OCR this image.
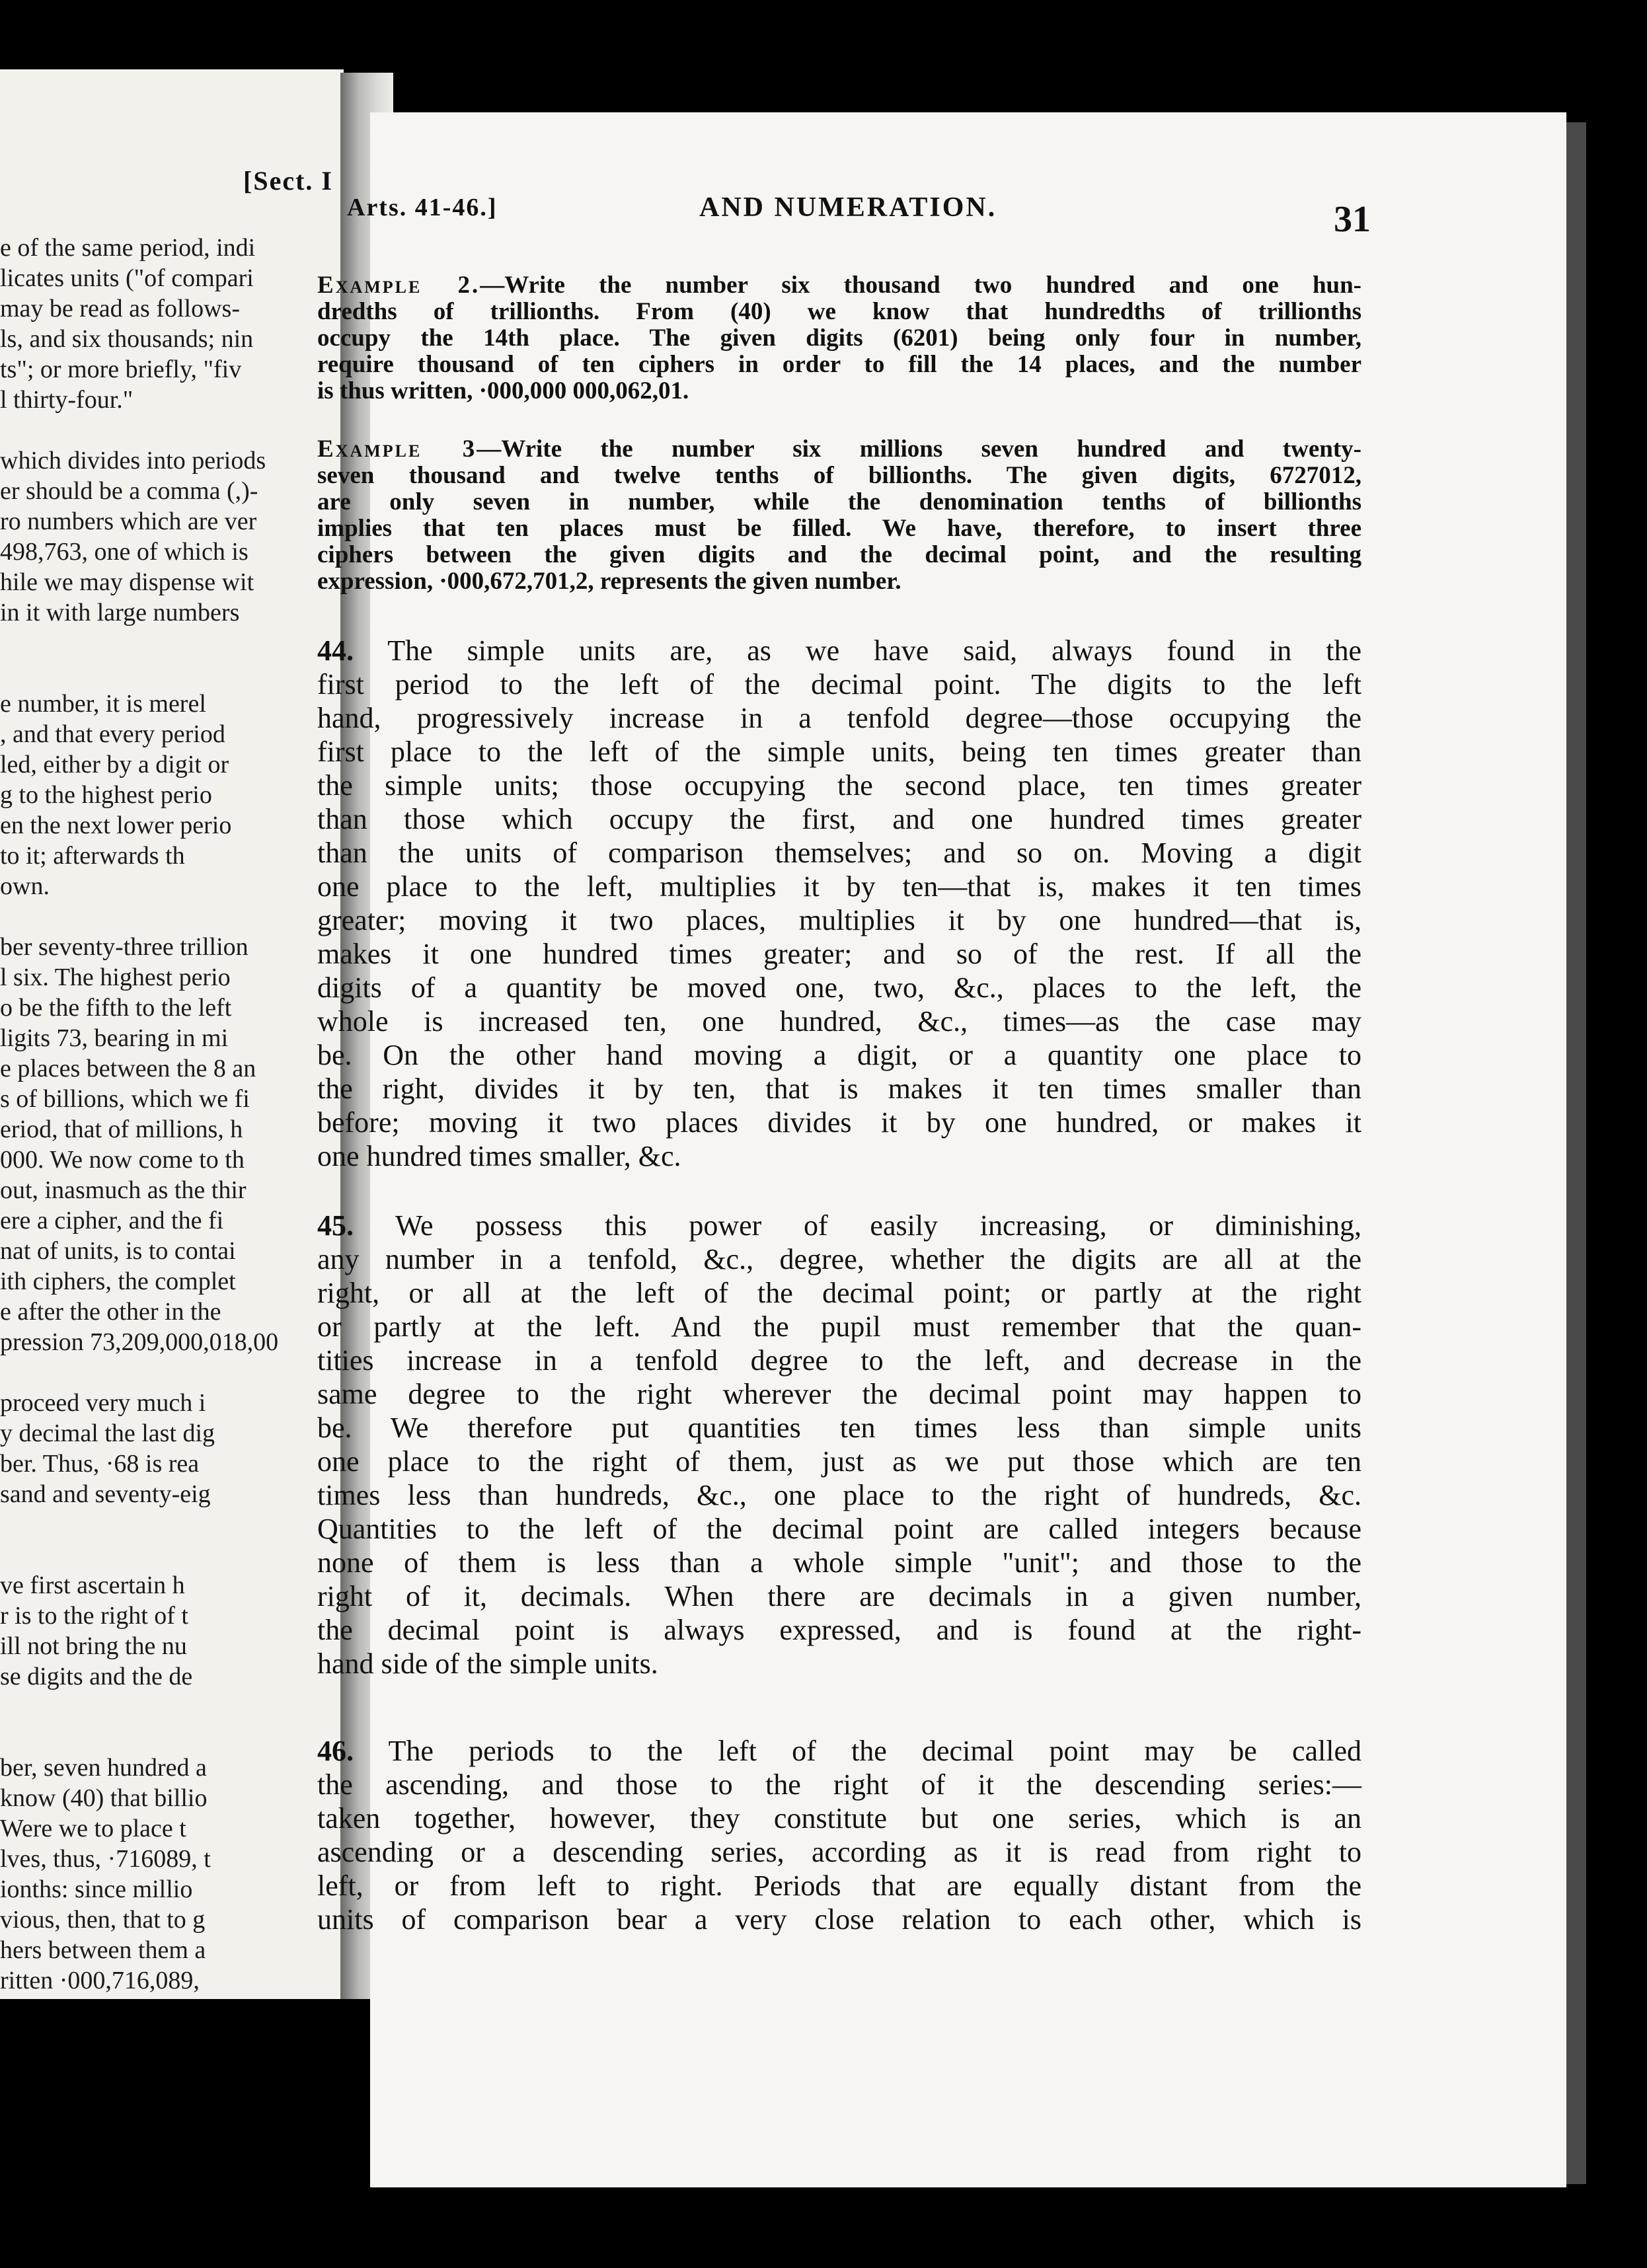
[Sect. I
e of the same period, indi
licates units ("of compari
may be read as follows-
ls, and six thousands; nin
ts"; or more briefly, "fiv
l thirty-four."
which divides into periods
er should be a comma (,)-
ro numbers which are ver
498,763, one of which is
hile we may dispense wit
in it with large numbers
e number, it is merel
, and that every period
led, either by a digit or
g to the highest perio
en the next lower perio
to it; afterwards th
own.
ber seventy-three trillion
l six. The highest perio
o be the fifth to the left
ligits 73, bearing in mi
e places between the 8 an
s of billions, which we fi
eriod, that of millions, h
000. We now come to th
out, inasmuch as the thir
ere a cipher, and the fi
nat of units, is to contai
ith ciphers, the complet
e after the other in the
pression 73,209,000,018,00
proceed very much i
y decimal the last dig
ber. Thus, ·68 is rea
sand and seventy-eig
ve first ascertain h
r is to the right of t
ill not bring the nu
se digits and the de
ber, seven hundred a
know (40) that billio
Were we to place t
lves, thus, ·716089, t
ionths: since millio
vious, then, that to g
hers between them a
ritten ·000,716,089,
Arts. 41-46.]	AND NUMERATION.	31
Example 2.—Write the number six thousand two hundred and one hun-
dredths of trillionths. From (40) we know that hundredths of trillionths
occupy the 14th place. The given digits (6201) being only four in number,
require thousand of ten ciphers in order to fill the 14 places, and the number
is thus written, ·000,000 000,062,01.
Example 3—Write the number six millions seven hundred and twenty-
seven thousand and twelve tenths of billionths. The given digits, 6727012,
are only seven in number, while the denomination tenths of billionths
implies that ten places must be filled. We have, therefore, to insert three
ciphers between the given digits and the decimal point, and the resulting
expression, ·000,672,701,2, represents the given number.
44. The simple units are, as we have said, always found in the
first period to the left of the decimal point. The digits to the left
hand, progressively increase in a tenfold degree—those occupying the
first place to the left of the simple units, being ten times greater than
the simple units; those occupying the second place, ten times greater
than those which occupy the first, and one hundred times greater
than the units of comparison themselves; and so on. Moving a digit
one place to the left, multiplies it by ten—that is, makes it ten times
greater; moving it two places, multiplies it by one hundred—that is,
makes it one hundred times greater; and so of the rest. If all the
digits of a quantity be moved one, two, &c., places to the left, the
whole is increased ten, one hundred, &c., times—as the case may
be. On the other hand moving a digit, or a quantity one place to
the right, divides it by ten, that is makes it ten times smaller than
before; moving it two places divides it by one hundred, or makes it
one hundred times smaller, &c.
45. We possess this power of easily increasing, or diminishing,
any number in a tenfold, &c., degree, whether the digits are all at the
right, or all at the left of the decimal point; or partly at the right
or partly at the left. And the pupil must remember that the quan-
tities increase in a tenfold degree to the left, and decrease in the
same degree to the right wherever the decimal point may happen to
be. We therefore put quantities ten times less than simple units
one place to the right of them, just as we put those which are ten
times less than hundreds, &c., one place to the right of hundreds, &c.
Quantities to the left of the decimal point are called integers because
none of them is less than a whole simple "unit"; and those to the
right of it, decimals. When there are decimals in a given number,
the decimal point is always expressed, and is found at the right-
hand side of the simple units.
46. The periods to the left of the decimal point may be called
the ascending, and those to the right of it the descending series:—
taken together, however, they constitute but one series, which is an
ascending or a descending series, according as it is read from right to
left, or from left to right. Periods that are equally distant from the
units of comparison bear a very close relation to each other, which is
